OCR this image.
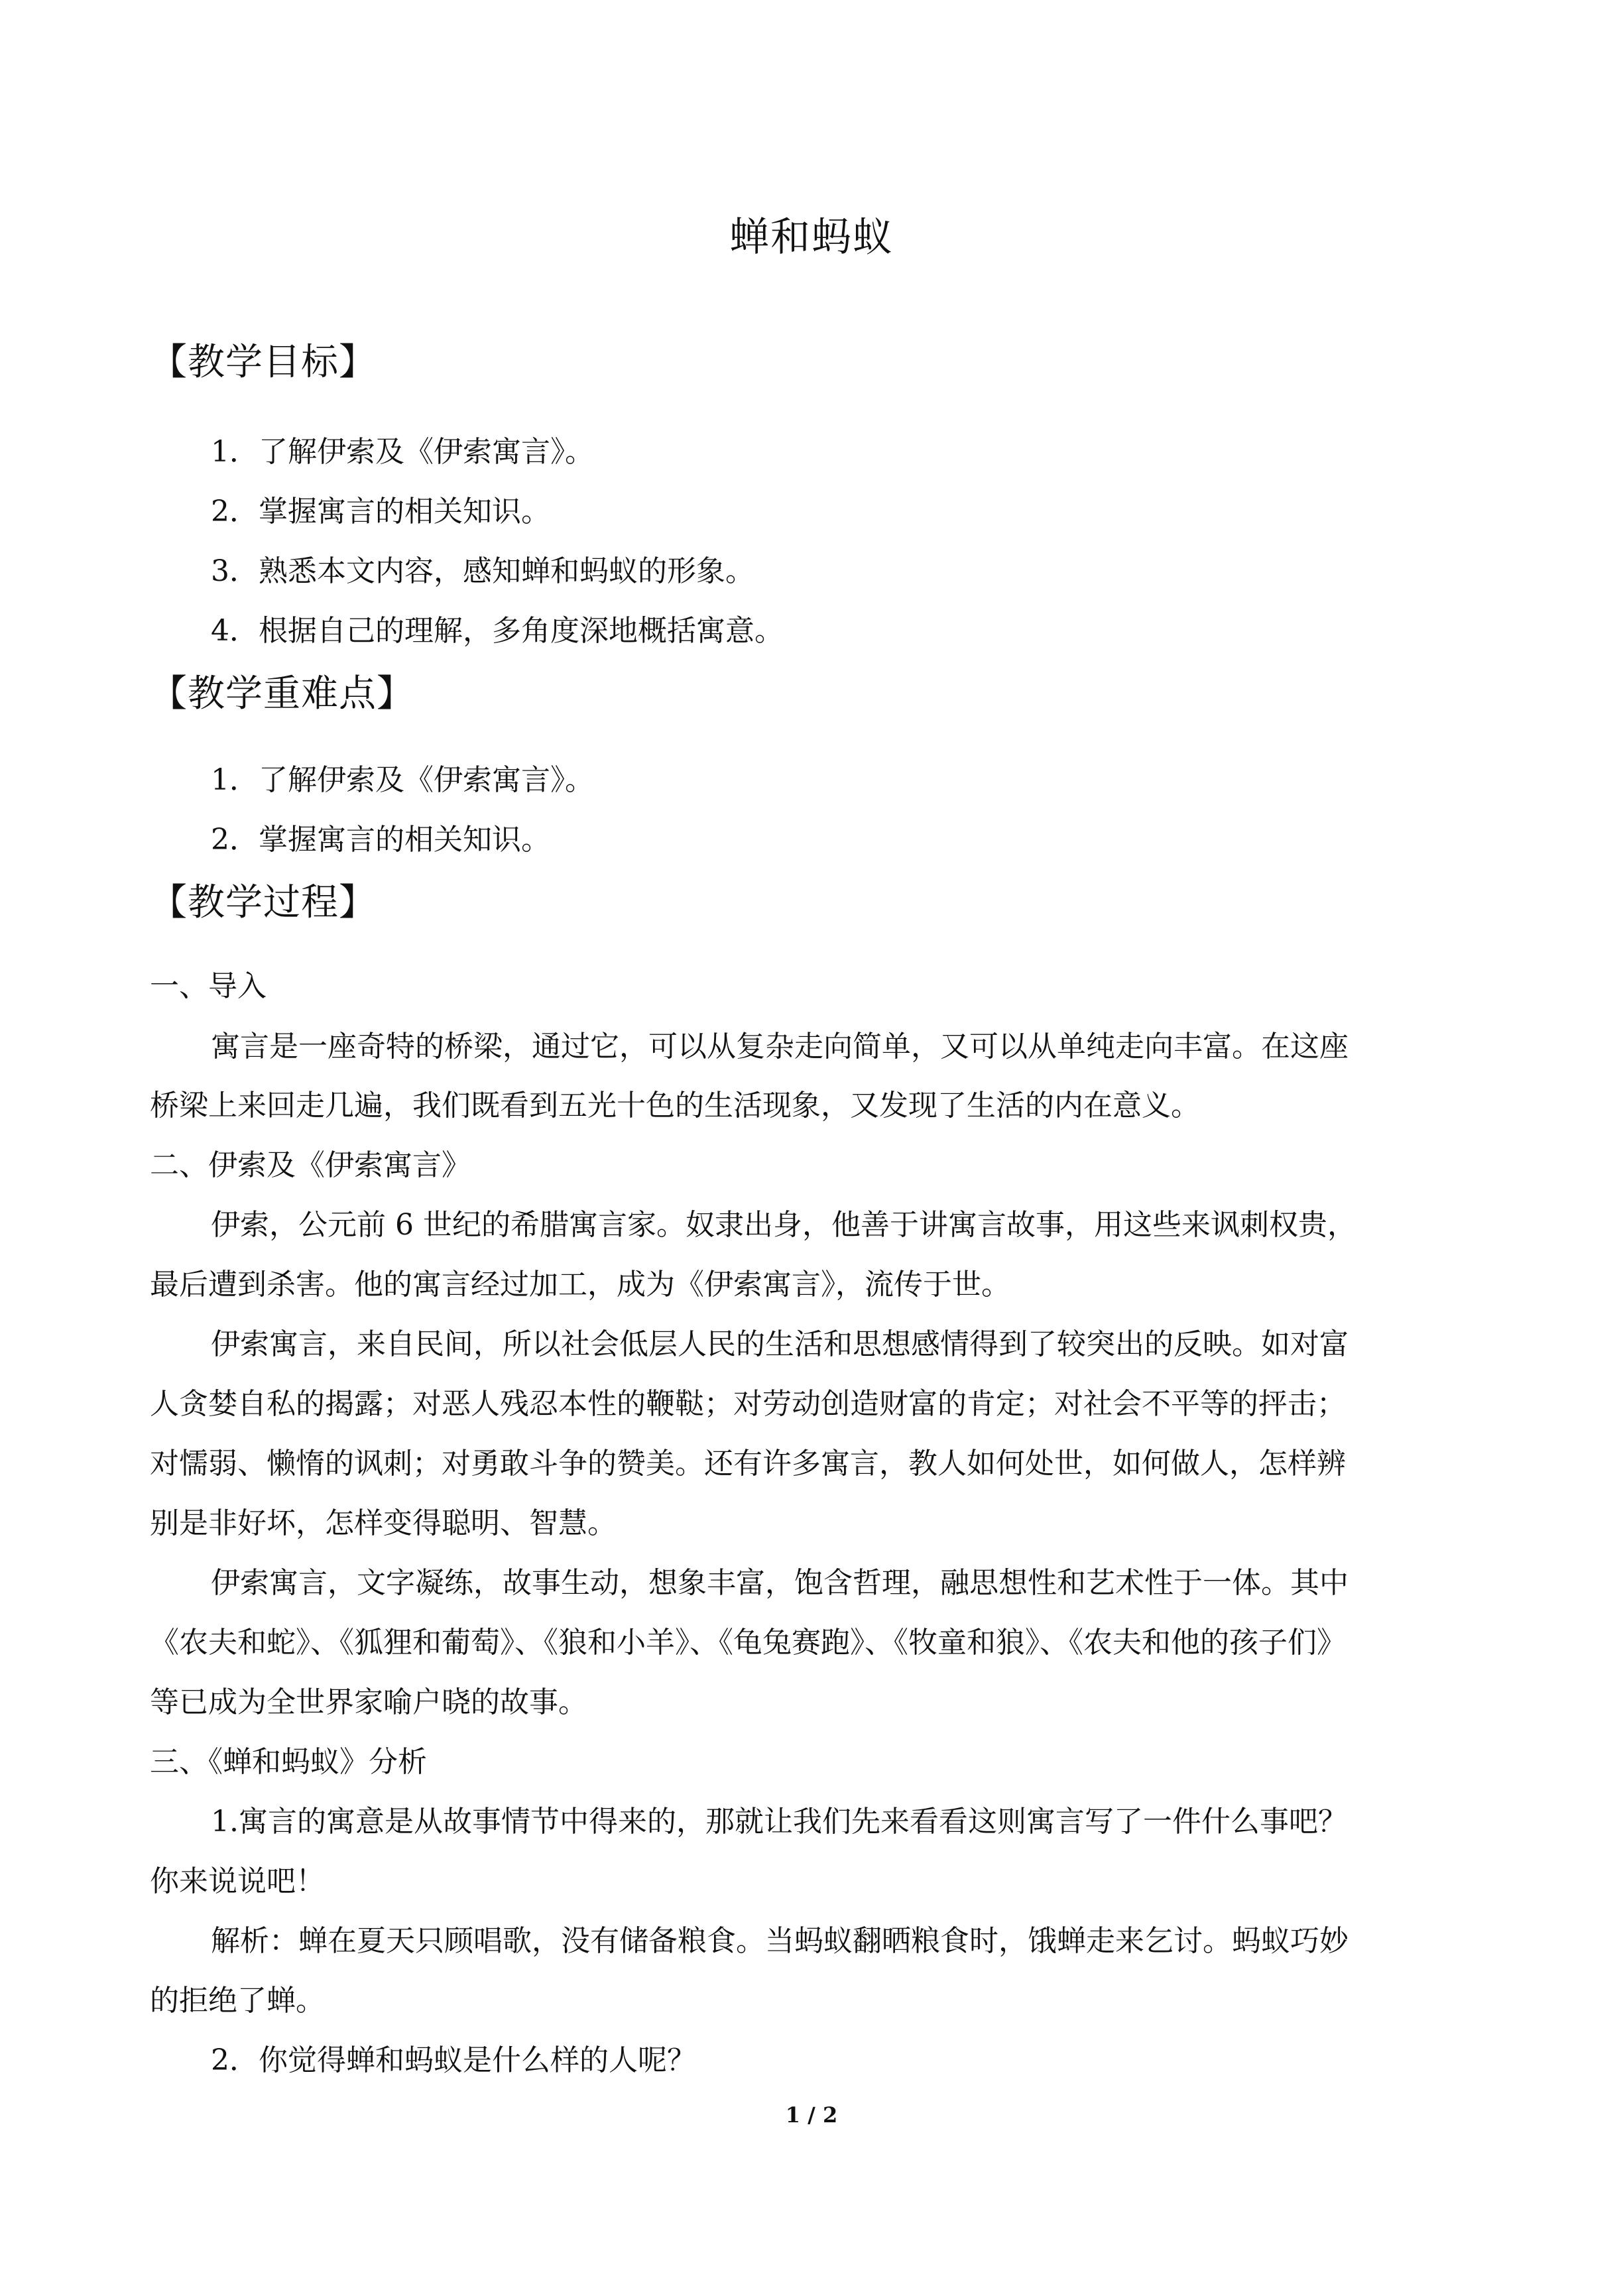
蝉和蚂蚁
【教学目标】
1．了解伊索及《伊索寓言》。
2．掌握寓言的相关知识。
3．熟悉本文内容，感知蝉和蚂蚁的形象。
4．根据自己的理解，多角度深地概括寓意。
【教学重难点】
1．了解伊索及《伊索寓言》。
2．掌握寓言的相关知识。
【教学过程】
一、导入
寓言是一座奇特的桥梁，通过它，可以从复杂走向简单，又可以从单纯走向丰富。在这座
桥梁上来回走几遍，我们既看到五光十色的生活现象，又发现了生活的内在意义。
二、伊索及《伊索寓言》
伊索，公元前 6 世纪的希腊寓言家。奴隶出身，他善于讲寓言故事，用这些来讽刺权贵，
最后遭到杀害。他的寓言经过加工，成为《伊索寓言》，流传于世。
伊索寓言，来自民间，所以社会低层人民的生活和思想感情得到了较突出的反映。如对富
人贪婪自私的揭露；对恶人残忍本性的鞭鞑；对劳动创造财富的肯定；对社会不平等的抨击；
对懦弱、懒惰的讽刺；对勇敢斗争的赞美。还有许多寓言，教人如何处世，如何做人，怎样辨
别是非好坏，怎样变得聪明、智慧。
伊索寓言，文字凝练，故事生动，想象丰富，饱含哲理，融思想性和艺术性于一体。其中
《农夫和蛇》、《狐狸和葡萄》、《狼和小羊》、《龟兔赛跑》、《牧童和狼》、《农夫和他的孩子们》
等已成为全世界家喻户晓的故事。
三、《蝉和蚂蚁》分析
1.寓言的寓意是从故事情节中得来的，那就让我们先来看看这则寓言写了一件什么事吧？
你来说说吧！
解析：蝉在夏天只顾唱歌，没有储备粮食。当蚂蚁翻晒粮食时，饿蝉走来乞讨。蚂蚁巧妙
的拒绝了蝉。
2．你觉得蝉和蚂蚁是什么样的人呢？
1 / 2
